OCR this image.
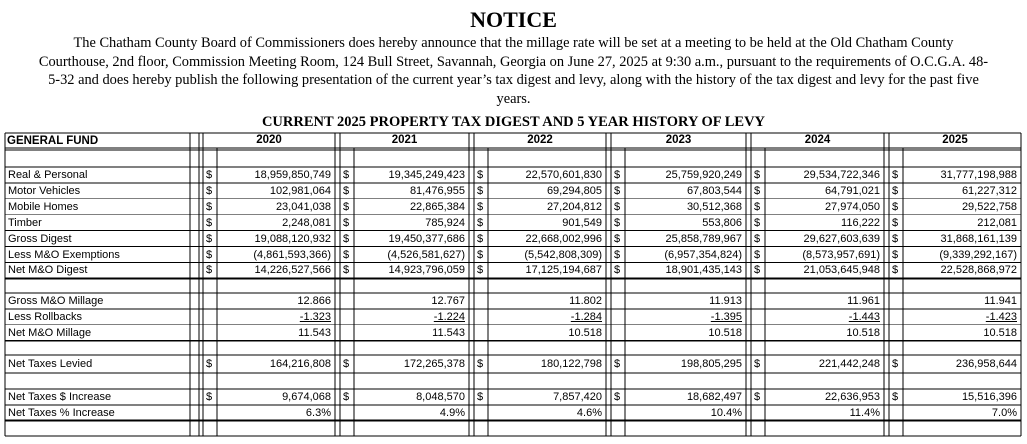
NOTICE
The Chatham County Board of Commissioners does hereby announce that the millage rate will be set at a meeting to be held at the Old Chatham County
Courthouse, 2nd floor, Commission Meeting Room, 124 Bull Street, Savannah, Georgia on June 27, 2025 at 9:30 a.m., pursuant to the requirements of O.C.G.A. 48-
5-32 and does hereby publish the following presentation of the current year’s tax digest and levy, along with the history of the tax digest and levy for the past five
years.
CURRENT 2025 PROPERTY TAX DIGEST AND 5 YEAR HISTORY OF LEVY
GENERAL FUND	2020	2021	2022	2023	2024	2025
Real & Personal	$	18,959,850,749 $	19,345,249,423 $	22,570,601,830 $	25,759,920,249 $	29,534,722,346 $	31,777,198,988
Motor Vehicles	$	102,981,064 $	81,476,955 $	69,294,805 $	67,803,544 $	64,791,021 $	61,227,312
Mobile Homes	$	23,041,038 $	22,865,384 $	27,204,812 $	30,512,368 $	27,974,050 $	29,522,758
Timber	$	2,248,081 $	785,924 $	901,549 $	553,806 $	116,222 $	212,081
Gross Digest	$	19,088,120,932 $	19,450,377,686 $	22,668,002,996 $	25,858,789,967 $	29,627,603,639 $	31,868,161,139
Less M&O Exemptions	$	(4,861,593,366) $	(4,526,581,627) $	(5,542,808,309) $	(6,957,354,824) $	(8,573,957,691) $	(9,339,292,167)
Net M&O Digest	$	14,226,527,566 $	14,923,796,059 $	17,125,194,687 $	18,901,435,143 $	21,053,645,948 $	22,528,868,972
Gross M&O Millage	12.866	12.767	11.802	11.913	11.961	11.941
Less Rollbacks	-1.323	-1.224	-1.284	-1.395	-1.443	-1.423
Net M&O Millage	11.543	11.543	10.518	10.518	10.518	10.518
Net Taxes Levied	$	164,216,808 $	172,265,378 $	180,122,798 $	198,805,295 $	221,442,248 $	236,958,644
Net Taxes $ Increase	$	9,674,068 $	8,048,570 $	7,857,420 $	18,682,497 $	22,636,953 $	15,516,396
Net Taxes % Increase	6.3%	4.9%	4.6%	10.4%	11.4%	7.0%
